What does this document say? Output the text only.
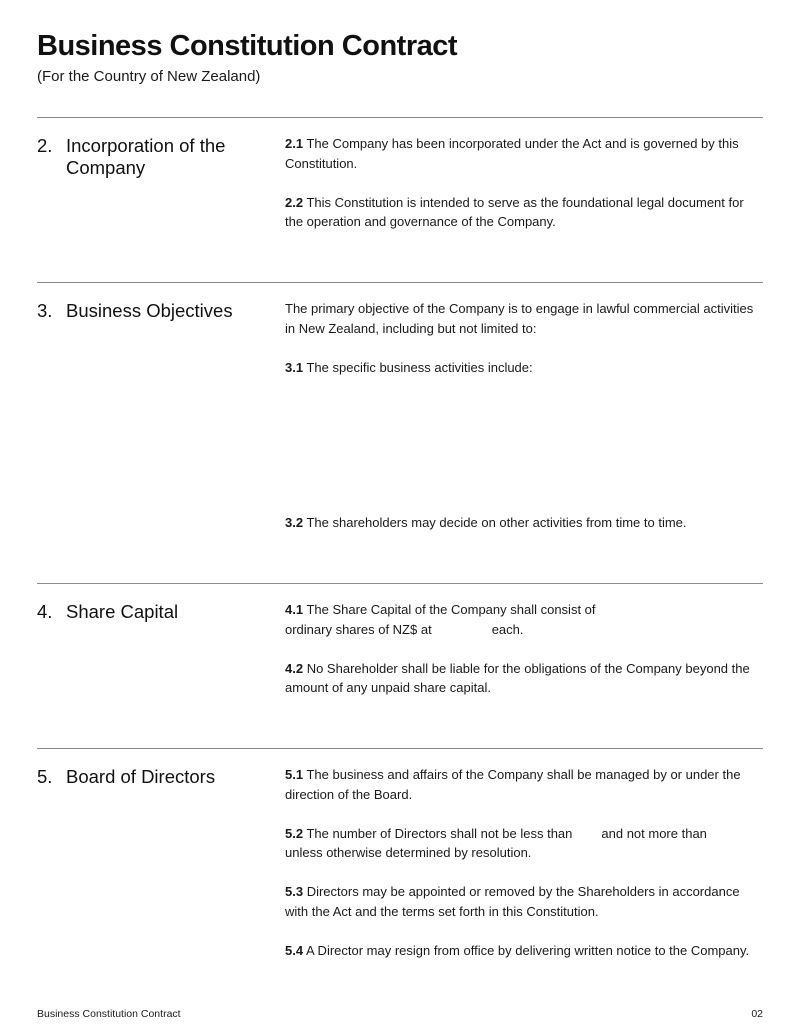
Business Constitution Contract
(For the Country of New Zealand)
2. Incorporation of the Company

2.1 The Company has been incorporated under the Act and is governed by this Constitution.

2.2 This Constitution is intended to serve as the foundational legal document for the operation and governance of the Company.

3. Business Objectives	The primary objective of the Company is to engage in lawful commercial activities in New Zealand, including but not limited to:

3.1 The specific business activities include:

3.2 The shareholders may decide on other activities from time to time.

4. Share Capital	4.1 The Share Capital of the Company shall consist of
ordinary shares of NZ$ at	each.

4.2 No Shareholder shall be liable for the obligations of the Company beyond the amount of any unpaid share capital.

5. Board of Directors	5.1 The business and affairs of the Company shall be managed by or under the direction of the Board.

5.2 The number of Directors shall not be less than and not more than
unless otherwise determined by resolution.

5.3 Directors may be appointed or removed by the Shareholders in accordance with the Act and the terms set forth in this Constitution.

5.4 A Director may resign from office by delivering written notice to the Company.

Business Constitution Contract	02
